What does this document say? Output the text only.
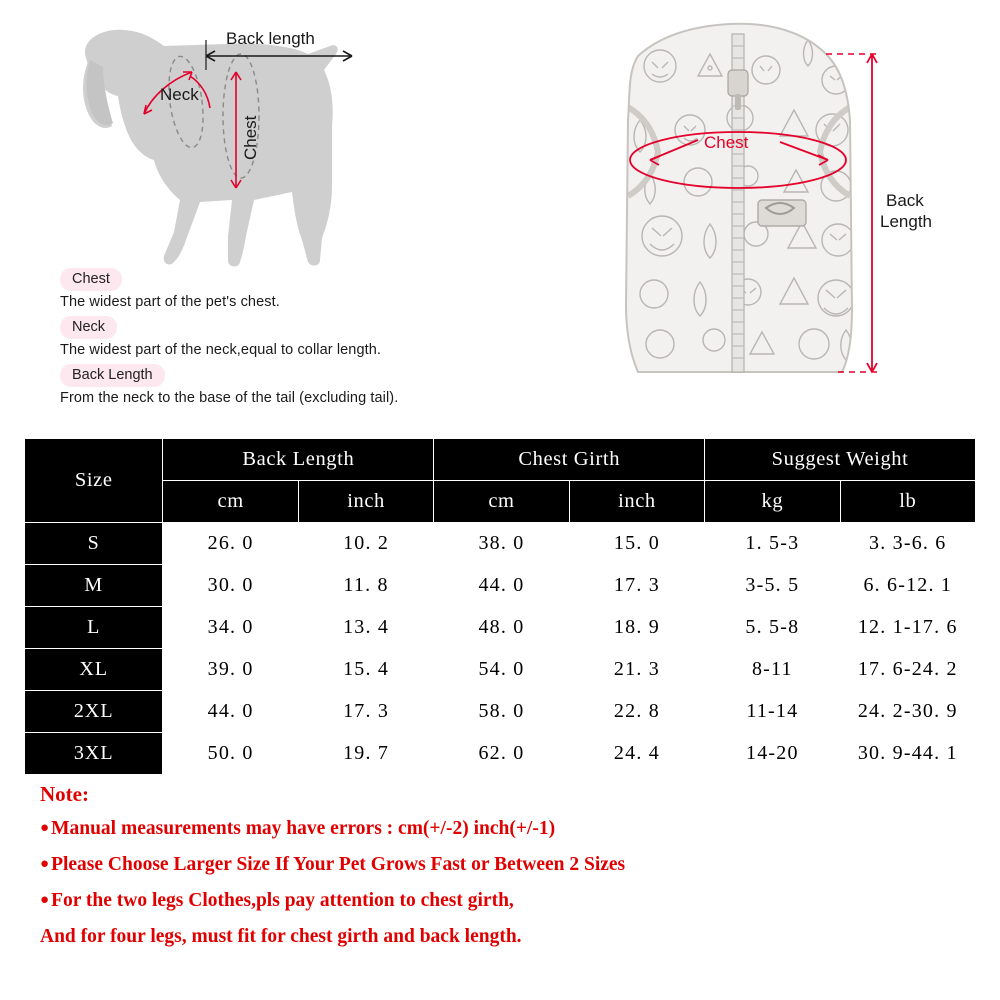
Back length
Neck
Chest	Chest
Back
Length
Chest
The widest part of the pet's chest.
Neck
The widest part of the neck,equal to collar length.
Back Length
From the neck to the base of the tail (excluding tail).
Size	Back Length		Chest Girth		Suggest Weight	
	cm	inch	cm	inch	kg	lb
S	26. 0	10. 2	38. 0	15. 0	1. 5-3	3. 3-6. 6
M	30. 0	11. 8	44. 0	17. 3	3-5. 5	6. 6-12. 1
L	34. 0	13. 4	48. 0	18. 9	5. 5-8	12. 1-17. 6
XL	39. 0	15. 4	54. 0	21. 3	8-11	17. 6-24. 2
2XL	44. 0	17. 3	58. 0	22. 8	11-14	24. 2-30. 9
3XL	50. 0	19. 7	62. 0	24. 4	14-20	30. 9-44. 1
Note:
● Manual measurements may have errors : cm(+/-2) inch(+/-1)
● Please Choose Larger Size If Your Pet Grows Fast or Between 2 Sizes
● For the two legs Clothes,pls pay attention to chest girth,
And for four legs, must fit for chest girth and back length.
